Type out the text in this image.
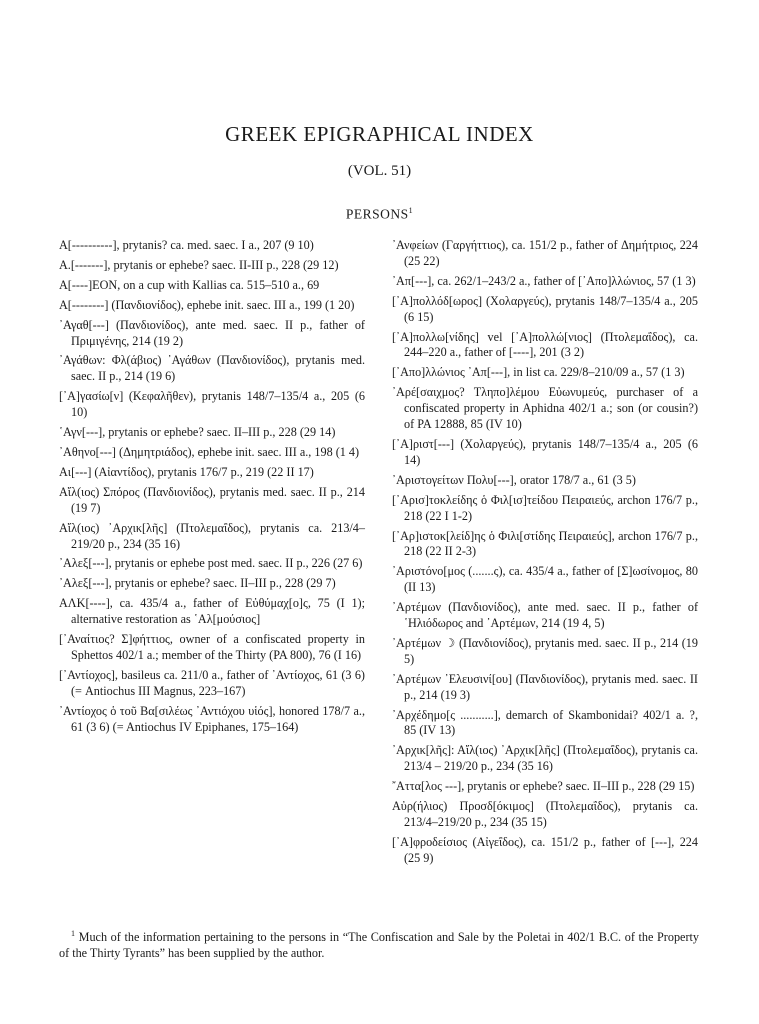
GREEK EPIGRAPHICAL INDEX
(VOL. 51)
PERSONS$^1$

A[----------], prytanis? ca. med. saec. I a., 207 (9 10)

A.[-------], prytanis or ephebe? saec. II-III p., 228 (29 12)

A[----]EON, on a cup with Kallias ca. 515–510 a., 69

A[--------] (Πανδιονίδος), ephebe init. saec. III a., 199 (1 20)

᾿Αγαθ[---] (Πανδιονίδος), ante med. saec. II p., father of Πριμιγένης, 214 (19 2)

᾿Αγάθων: Φλ(άβιος) ᾿Αγάθων (Πανδιονίδος), prytanis med. saec. II p., 214 (19 6)

[᾿Α]γασίω[ν] (Κεφαλῆθεν), prytanis 148/7–135/4 a., 205 (6 10)

῾Αγν[---], prytanis or ephebe? saec. II–III p., 228 (29 14)

᾿Αθηνο[---] (Δημητριάδος), ephebe init. saec. III a., 198 (1 4)

Αι[---] (Αἰαντίδος), prytanis 176/7 p., 219 (22 II 17)

Αἴλ(ιος) Σπόρος (Πανδιονίδος), prytanis med. saec. II p., 214 (19 7)

Αἴλ(ιος) ᾿Αρχικ[λῆς] (Πτολεμαΐδος), prytanis ca. 213/4–219/20 p., 234 (35 16)

᾿Αλεξ[---], prytanis or ephebe post med. saec. II p., 226 (27 6)

᾿Αλεξ[---], prytanis or ephebe? saec. II–III p., 228 (29 7)

ΑΛΚ[----], ca. 435/4 a., father of Εὐθύμαχ[ο]ς, 75 (I 1); alternative restoration as ῾Αλ[μούσιος]

[᾿Αναίτιος? Σ]φήττιος, owner of a confiscated property in Sphettos 402/1 a.; member of the Thirty (PA 800), 76 (I 16)

[᾿Αντίοχος], basileus ca. 211/0 a., father of ᾿Αντίοχος, 61 (3 6) (= Antiochus III Magnus, 223–167)

᾿Αντίοχος ὁ τοῦ Βα[σιλέως ᾿Αντιόχου υἱός], honored 178/7 a., 61 (3 6) (= Antiochus IV Epiphanes, 175–164)

᾿Ανφείων (Γαργήττιος), ca. 151/2 p., father of Δημήτριος, 224 (25 22)

᾿Απ[---], ca. 262/1–243/2 a., father of [᾿Απο]λλώνιος, 57 (1 3)

[᾿Α]πολλόδ[ωρος] (Χολαργεύς), prytanis 148/7–135/4 a., 205 (6 15)

[᾿Α]πολλω[νίδης] vel [᾿Α]πολλώ[νιος] (Πτολεμαΐδος), ca. 244–220 a., father of [----], 201 (3 2)

[᾿Απο]λλώνιος ᾿Απ[---], in list ca. 229/8–210/09 a., 57 (1 3)

᾿Αρέ[σαιχμος? Τληπο]λέμου Εὐωνυμεύς, purchaser of a confiscated property in Aphidna 402/1 a.; son (or cousin?) of PA 12888, 85 (IV 10)

[᾿Α]ριστ[---] (Χολαργεύς), prytanis 148/7–135/4 a., 205 (6 14)

᾿Αριστογείτων Πολυ[---], orator 178/7 a., 61 (3 5)

[᾿Αρισ]τοκλείδης ὁ Φιλ[ισ]τείδου Πειραιεύς, archon 176/7 p., 218 (22 I 1-2)

[᾿Αρ]ιστοκ[λείδ]ης ὁ Φιλι[στίδης Πειραιεύς], archon 176/7 p., 218 (22 II 2-3)

᾿Αριστόνο[μος (.......ς), ca. 435/4 a., father of [Σ]ωσίνομος, 80 (II 13)

᾿Αρτέμων (Πανδιονίδος), ante med. saec. II p., father of ῾Ηλιόδωρος and ᾿Αρτέμων, 214 (19 4, 5)

᾿Αρτέμων ☽ (Πανδιονίδος), prytanis med. saec. II p., 214 (19 5)

᾿Αρτέμων ᾿Ελευσινί[ου] (Πανδιονίδος), prytanis med. saec. II p., 214 (19 3)

᾿Αρχέδημο[ς ...........], demarch of Skambonidai? 402/1 a. ?, 85 (IV 13)

᾿Αρχικ[λῆς]: Αἴλ(ιος) ᾿Αρχικ[λῆς] (Πτολεμαΐδος), prytanis ca. 213/4 – 219/20 p., 234 (35 16)

῎Αττα[λος ---], prytanis or ephebe? saec. II–III p., 228 (29 15)

Αὐρ(ήλιος) Προσδ[όκιμος] (Πτολεμαΐδος), prytanis ca. 213/4–219/20 p., 234 (35 15)

[᾿Α]φροδείσιος (Αἰγεΐδος), ca. 151/2 p., father of [---], 224 (25 9)

$^1$ Much of the information pertaining to the persons in “The Confiscation and Sale by the Poletai in 402/1 B.C. of the Property of the Thirty Tyrants” has been supplied by the author.
